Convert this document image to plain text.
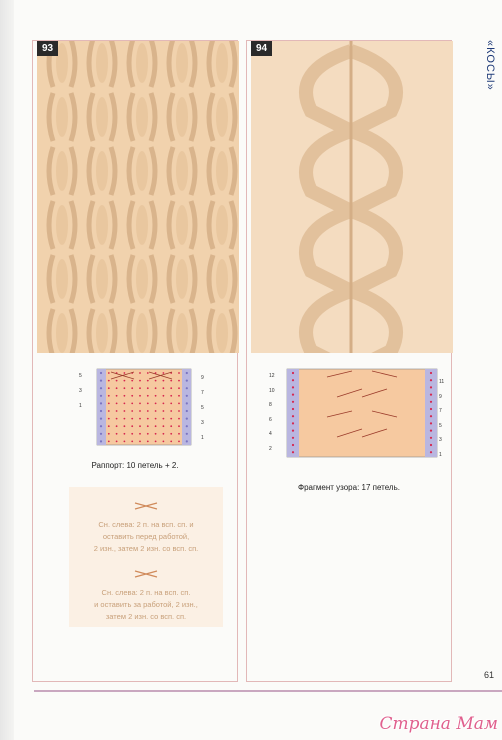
93
5
3
1
9
7
5
3
1
Раппорт: 10 петель + 2.
Сн. слева: 2 п. на всп. сп. и
оставить перед работой,
2 изн., затем 2 изн. со всп. сп.
Сн. слева: 2 п. на всп. сп.
и оставить за работой, 2 изн.,
затем 2 изн. со всп. сп.
94
12
10
8
6
4
2
11
9
7
5
3
1
Фрагмент узора: 17 петель.
«КОСЫ»
61
Страна Мам
